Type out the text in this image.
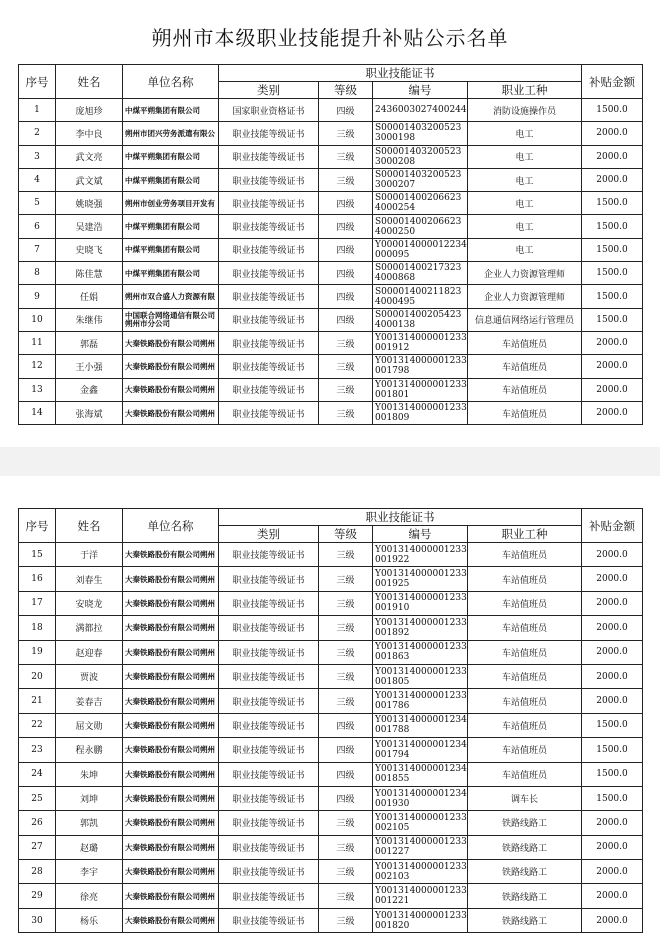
朔州市本级职业技能提升补贴公示名单
序号	姓名	单位名称	职业技能证书				补贴金额
			类别	等级	编号	职业工种	
1	庞旭珍	中煤平朔集团有限公司	国家职业资格证书	四级	2436003027400244	消防设施操作员	1500.0
2	李中良	朔州市团兴劳务派遣有限公	职业技能等级证书	三级	S000014032005233000198	电工	2000.0
3	武文亮	中煤平朔集团有限公司	职业技能等级证书	三级	S000014032005233000208	电工	2000.0
4	武文斌	中煤平朔集团有限公司	职业技能等级证书	三级	S000014032005233000207	电工	2000.0
5	姚晓强	朔州市创业劳务项目开发有	职业技能等级证书	四级	S000014002066234000254	电工	1500.0
6	吴建浩	中煤平朔集团有限公司	职业技能等级证书	四级	S000014002066234000250	电工	1500.0
7	史晓飞	中煤平朔集团有限公司	职业技能等级证书	四级	Y000014000012234000095	电工	1500.0
8	陈佳慧	中煤平朔集团有限公司	职业技能等级证书	四级	S000014002173234000868	企业人力资源管理师	1500.0
9	任娟	朔州市双合盛人力资源有限	职业技能等级证书	四级	S000014002118234000495	企业人力资源管理师	1500.0
10	朱继伟	中国联合网络通信有限公司朔州市分公司	职业技能等级证书	四级	S000014002054234000138	信息通信网络运行管理员	1500.0
11	郭磊	大秦铁路股份有限公司朔州	职业技能等级证书	三级	Y001314000001233001912	车站值班员	2000.0
12	王小强	大秦铁路股份有限公司朔州	职业技能等级证书	三级	Y001314000001233001798	车站值班员	2000.0
13	金鑫	大秦铁路股份有限公司朔州	职业技能等级证书	三级	Y001314000001233001801	车站值班员	2000.0
14	张海斌	大秦铁路股份有限公司朔州	职业技能等级证书	三级	Y001314000001233001809	车站值班员	2000.0
序号	姓名	单位名称	职业技能证书				补贴金额
			类别	等级	编号	职业工种	
15	于洋	大秦铁路股份有限公司朔州	职业技能等级证书	三级	Y001314000001233001922	车站值班员	2000.0
16	刘春生	大秦铁路股份有限公司朔州	职业技能等级证书	三级	Y001314000001233001925	车站值班员	2000.0
17	安晓龙	大秦铁路股份有限公司朔州	职业技能等级证书	三级	Y001314000001233001910	车站值班员	2000.0
18	满都拉	大秦铁路股份有限公司朔州	职业技能等级证书	三级	Y001314000001233001892	车站值班员	2000.0
19	赵迎春	大秦铁路股份有限公司朔州	职业技能等级证书	三级	Y001314000001233001863	车站值班员	2000.0
20	贾波	大秦铁路股份有限公司朔州	职业技能等级证书	三级	Y001314000001233001805	车站值班员	2000.0
21	姜春吉	大秦铁路股份有限公司朔州	职业技能等级证书	三级	Y001314000001233001786	车站值班员	2000.0
22	屈文勋	大秦铁路股份有限公司朔州	职业技能等级证书	四级	Y001314000001234001788	车站值班员	1500.0
23	程永鹏	大秦铁路股份有限公司朔州	职业技能等级证书	四级	Y001314000001234001794	车站值班员	1500.0
24	朱坤	大秦铁路股份有限公司朔州	职业技能等级证书	四级	Y001314000001234001855	车站值班员	1500.0
25	刘坤	大秦铁路股份有限公司朔州	职业技能等级证书	四级	Y001314000001234001930	调车长	1500.0
26	郭凯	大秦铁路股份有限公司朔州	职业技能等级证书	三级	Y001314000001233002105	铁路线路工	2000.0
27	赵璐	大秦铁路股份有限公司朔州	职业技能等级证书	三级	Y001314000001233001227	铁路线路工	2000.0
28	李宇	大秦铁路股份有限公司朔州	职业技能等级证书	三级	Y001314000001233002103	铁路线路工	2000.0
29	徐亮	大秦铁路股份有限公司朔州	职业技能等级证书	三级	Y001314000001233001221	铁路线路工	2000.0
30	杨乐	大秦铁路股份有限公司朔州	职业技能等级证书	三级	Y001314000001233001820	铁路线路工	2000.0
